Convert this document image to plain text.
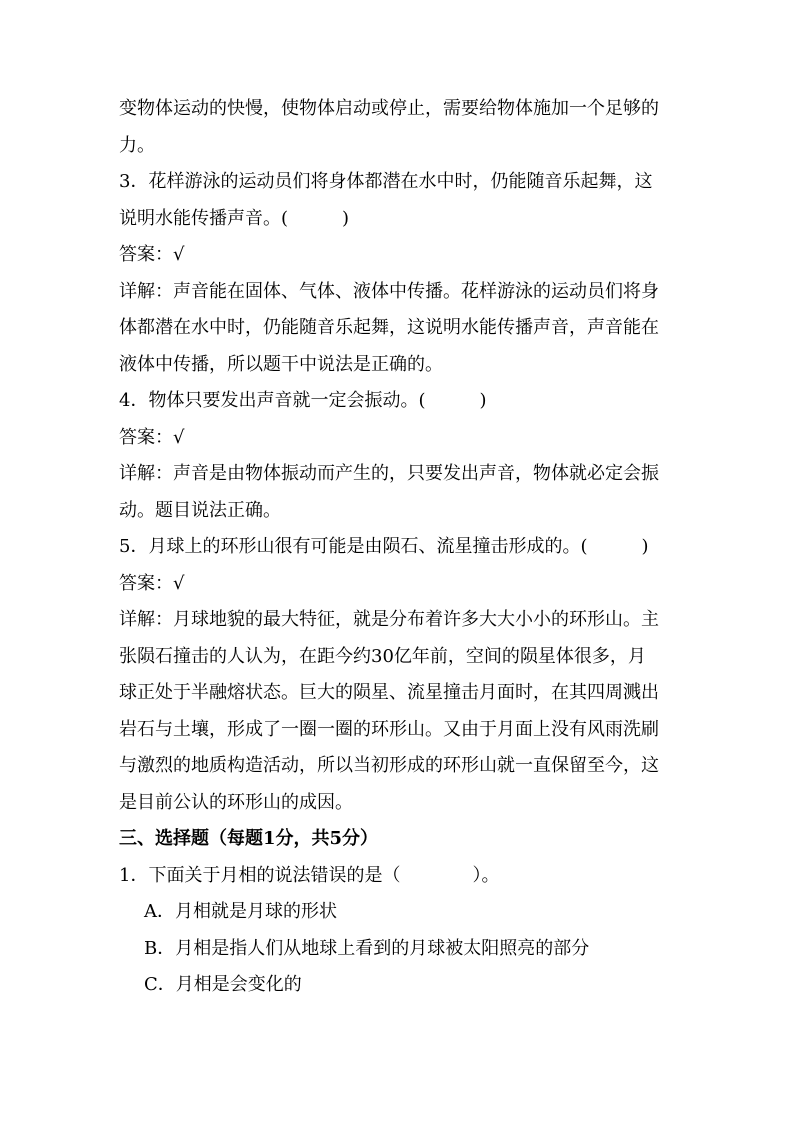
变物体运动的快慢，使物体启动或停止，需要给物体施加一个足够的
力。
3．花样游泳的运动员们将身体都潜在水中时，仍能随音乐起舞，这
说明水能传播声音。(　　　)
答案：√
详解：声音能在固体、气体、液体中传播。花样游泳的运动员们将身
体都潜在水中时，仍能随音乐起舞，这说明水能传播声音，声音能在
液体中传播，所以题干中说法是正确的。
4．物体只要发出声音就一定会振动。(　　　)
答案：√
详解：声音是由物体振动而产生的，只要发出声音，物体就必定会振
动。题目说法正确。
5．月球上的环形山很有可能是由陨石、流星撞击形成的。(　　　)
答案：√
详解：月球地貌的最大特征，就是分布着许多大大小小的环形山。主
张陨石撞击的人认为，在距今约30亿年前，空间的陨星体很多，月
球正处于半融熔状态。巨大的陨星、流星撞击月面时，在其四周溅出
岩石与土壤，形成了一圈一圈的环形山。又由于月面上没有风雨洗刷
与激烈的地质构造活动，所以当初形成的环形山就一直保留至今，这
是目前公认的环形山的成因。
三、选择题（每题1分，共5分）
1．下面关于月相的说法错误的是（　　　　）。
A．月相就是月球的形状
B．月相是指人们从地球上看到的月球被太阳照亮的部分
C．月相是会变化的
